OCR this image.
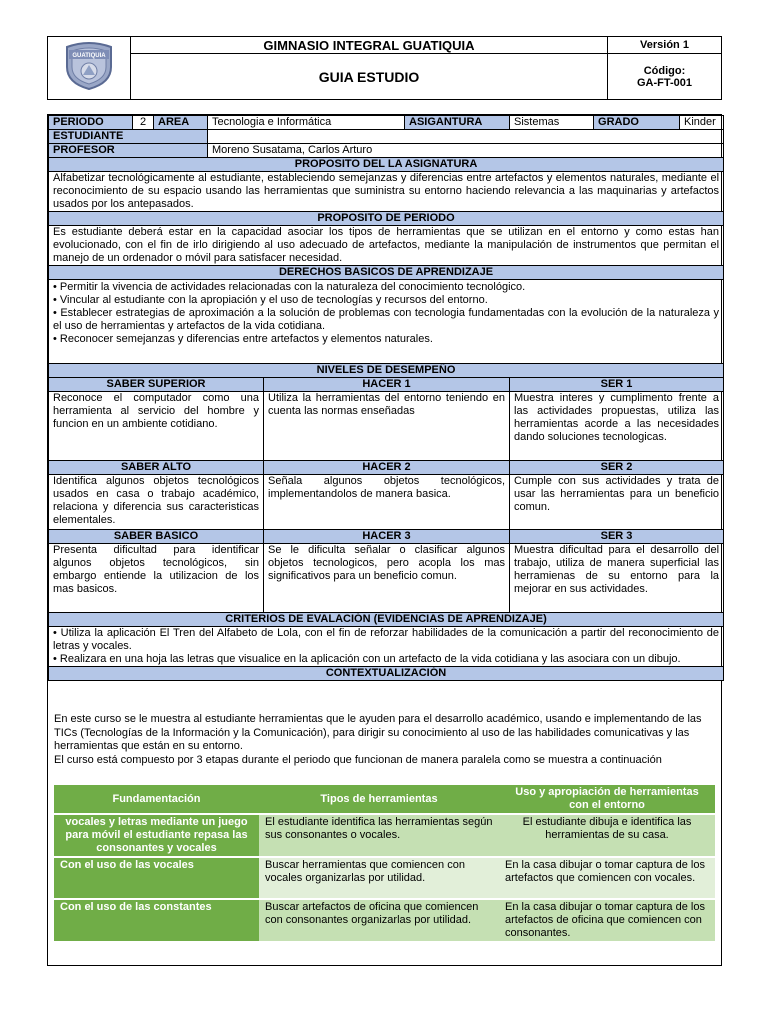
GUATIQUIA	GIMNASIO INTEGRAL GUATIQUIA	Versión 1
	GUIA ESTUDIO	Código:
GA-FT-001
PERIODO	2	AREA	Tecnologia e Informática		ASIGANTURA	Sistemas	GRADO	Kinder
ESTUDIANTE								
PROFESOR			Moreno Susatama, Carlos Arturo					
PROPOSITO DEL LA ASIGNATURA								
Alfabetizar tecnológicamente al estudiante, estableciendo semejanzas y diferencias entre artefactos y elementos naturales, mediante el reconocimiento de su espacio usando las herramientas que suministra su entorno haciendo relevancia a las maquinarias y artefactos usados por los antepasados.								
PROPOSITO DE PERIODO								
Es estudiante deberá estar en la capacidad asociar los tipos de herramientas que se utilizan en el entorno y como estas han evolucionado, con el fin de irlo dirigiendo al uso adecuado de artefactos, mediante la manipulación de instrumentos que permitan el manejo de un ordenador o móvil para satisfacer necesidad.								
DERECHOS BASICOS DE APRENDIZAJE								

• Permitir la vivencia de actividades relacionadas con la naturaleza del conocimiento tecnológico.
• Vincular al estudiante con la apropiación y el uso de tecnologías y recursos del entorno.
• Establecer estrategias de aproximación a la solución de problemas con tecnologia fundamentadas con la evolución de la naturaleza y el uso de herramientas y artefactos de la vida cotidiana.
• Reconocer semejanzas y diferencias entre artefactos y elementos naturales.								

NIVELES DE DESEMPEÑO								
SABER SUPERIOR				HACER 1		SER 1		
Reconoce el computador como una herramienta al servicio del hombre y funcion en un ambiente cotidiano.				Utiliza la herramientas del entorno teniendo en cuenta las normas enseñadas		Muestra interes y cumplimento frente a las actividades propuestas, utiliza las herramientas acorde a las necesidades dando soluciones tecnologicas.		
SABER ALTO				HACER 2		SER 2		
Identifica algunos objetos tecnológicos usados en casa o trabajo académico, relaciona y diferencia sus caracteristicas elementales.				Señala algunos objetos tecnológicos, implementandolos de manera basica.		Cumple con sus actividades y trata de usar las herramientas para un beneficio comun.		
SABER BASICO				HACER 3		SER 3		
Presenta dificultad para identificar algunos objetos tecnológicos, sin embargo entiende la utilizacion de los mas basicos.				Se le dificulta señalar o clasificar algunos objetos tecnologicos, pero acopla los mas significativos para un beneficio comun.		Muestra dificultad para el desarrollo del trabajo, utiliza de manera superficial las herramienas de su entorno para la mejorar en sus actividades.		
CRITERIOS DE EVALACIÓN (EVIDENCIAS DE APRENDIZAJE)								

• Utiliza la aplicación El Tren del Alfabeto de Lola, con el fin de reforzar habilidades de la comunicación a partir del reconocimiento de letras y vocales.
• Realizara en una hoja las letras que visualice en la aplicación con un artefacto de la vida cotidiana y las asociara con un dibujo.								

CONTEXTUALIZACIÓN								

En este curso se le muestra al estudiante herramientas que le ayuden para el desarrollo académico, usando e implementando de las TICs (Tecnologías de la Información y la Comunicación), para dirigir su conocimiento al uso de las habilidades comunicativas y las herramientas que están en su entorno.

El curso está compuesto por 3 etapas durante el periodo que funcionan de manera paralela como se muestra a continuación

Fundamentación	Tipos de herramientas	Uso y apropiación de herramientas con el entorno
vocales y letras mediante un juego para móvil el estudiante repasa las consonantes y vocales	El estudiante identifica las herramientas según sus consonantes o vocales.	El estudiante dibuja e identifica las herramientas de su casa.
Con el uso de las vocales	Buscar herramientas que comiencen con vocales organizarlas por utilidad.	En la casa dibujar o tomar captura de los artefactos que comiencen con vocales.
Con el uso de las constantes	Buscar artefactos de oficina que comiencen con consonantes organizarlas por utilidad.	En la casa dibujar o tomar captura de los artefactos de oficina que comiencen con consonantes.
